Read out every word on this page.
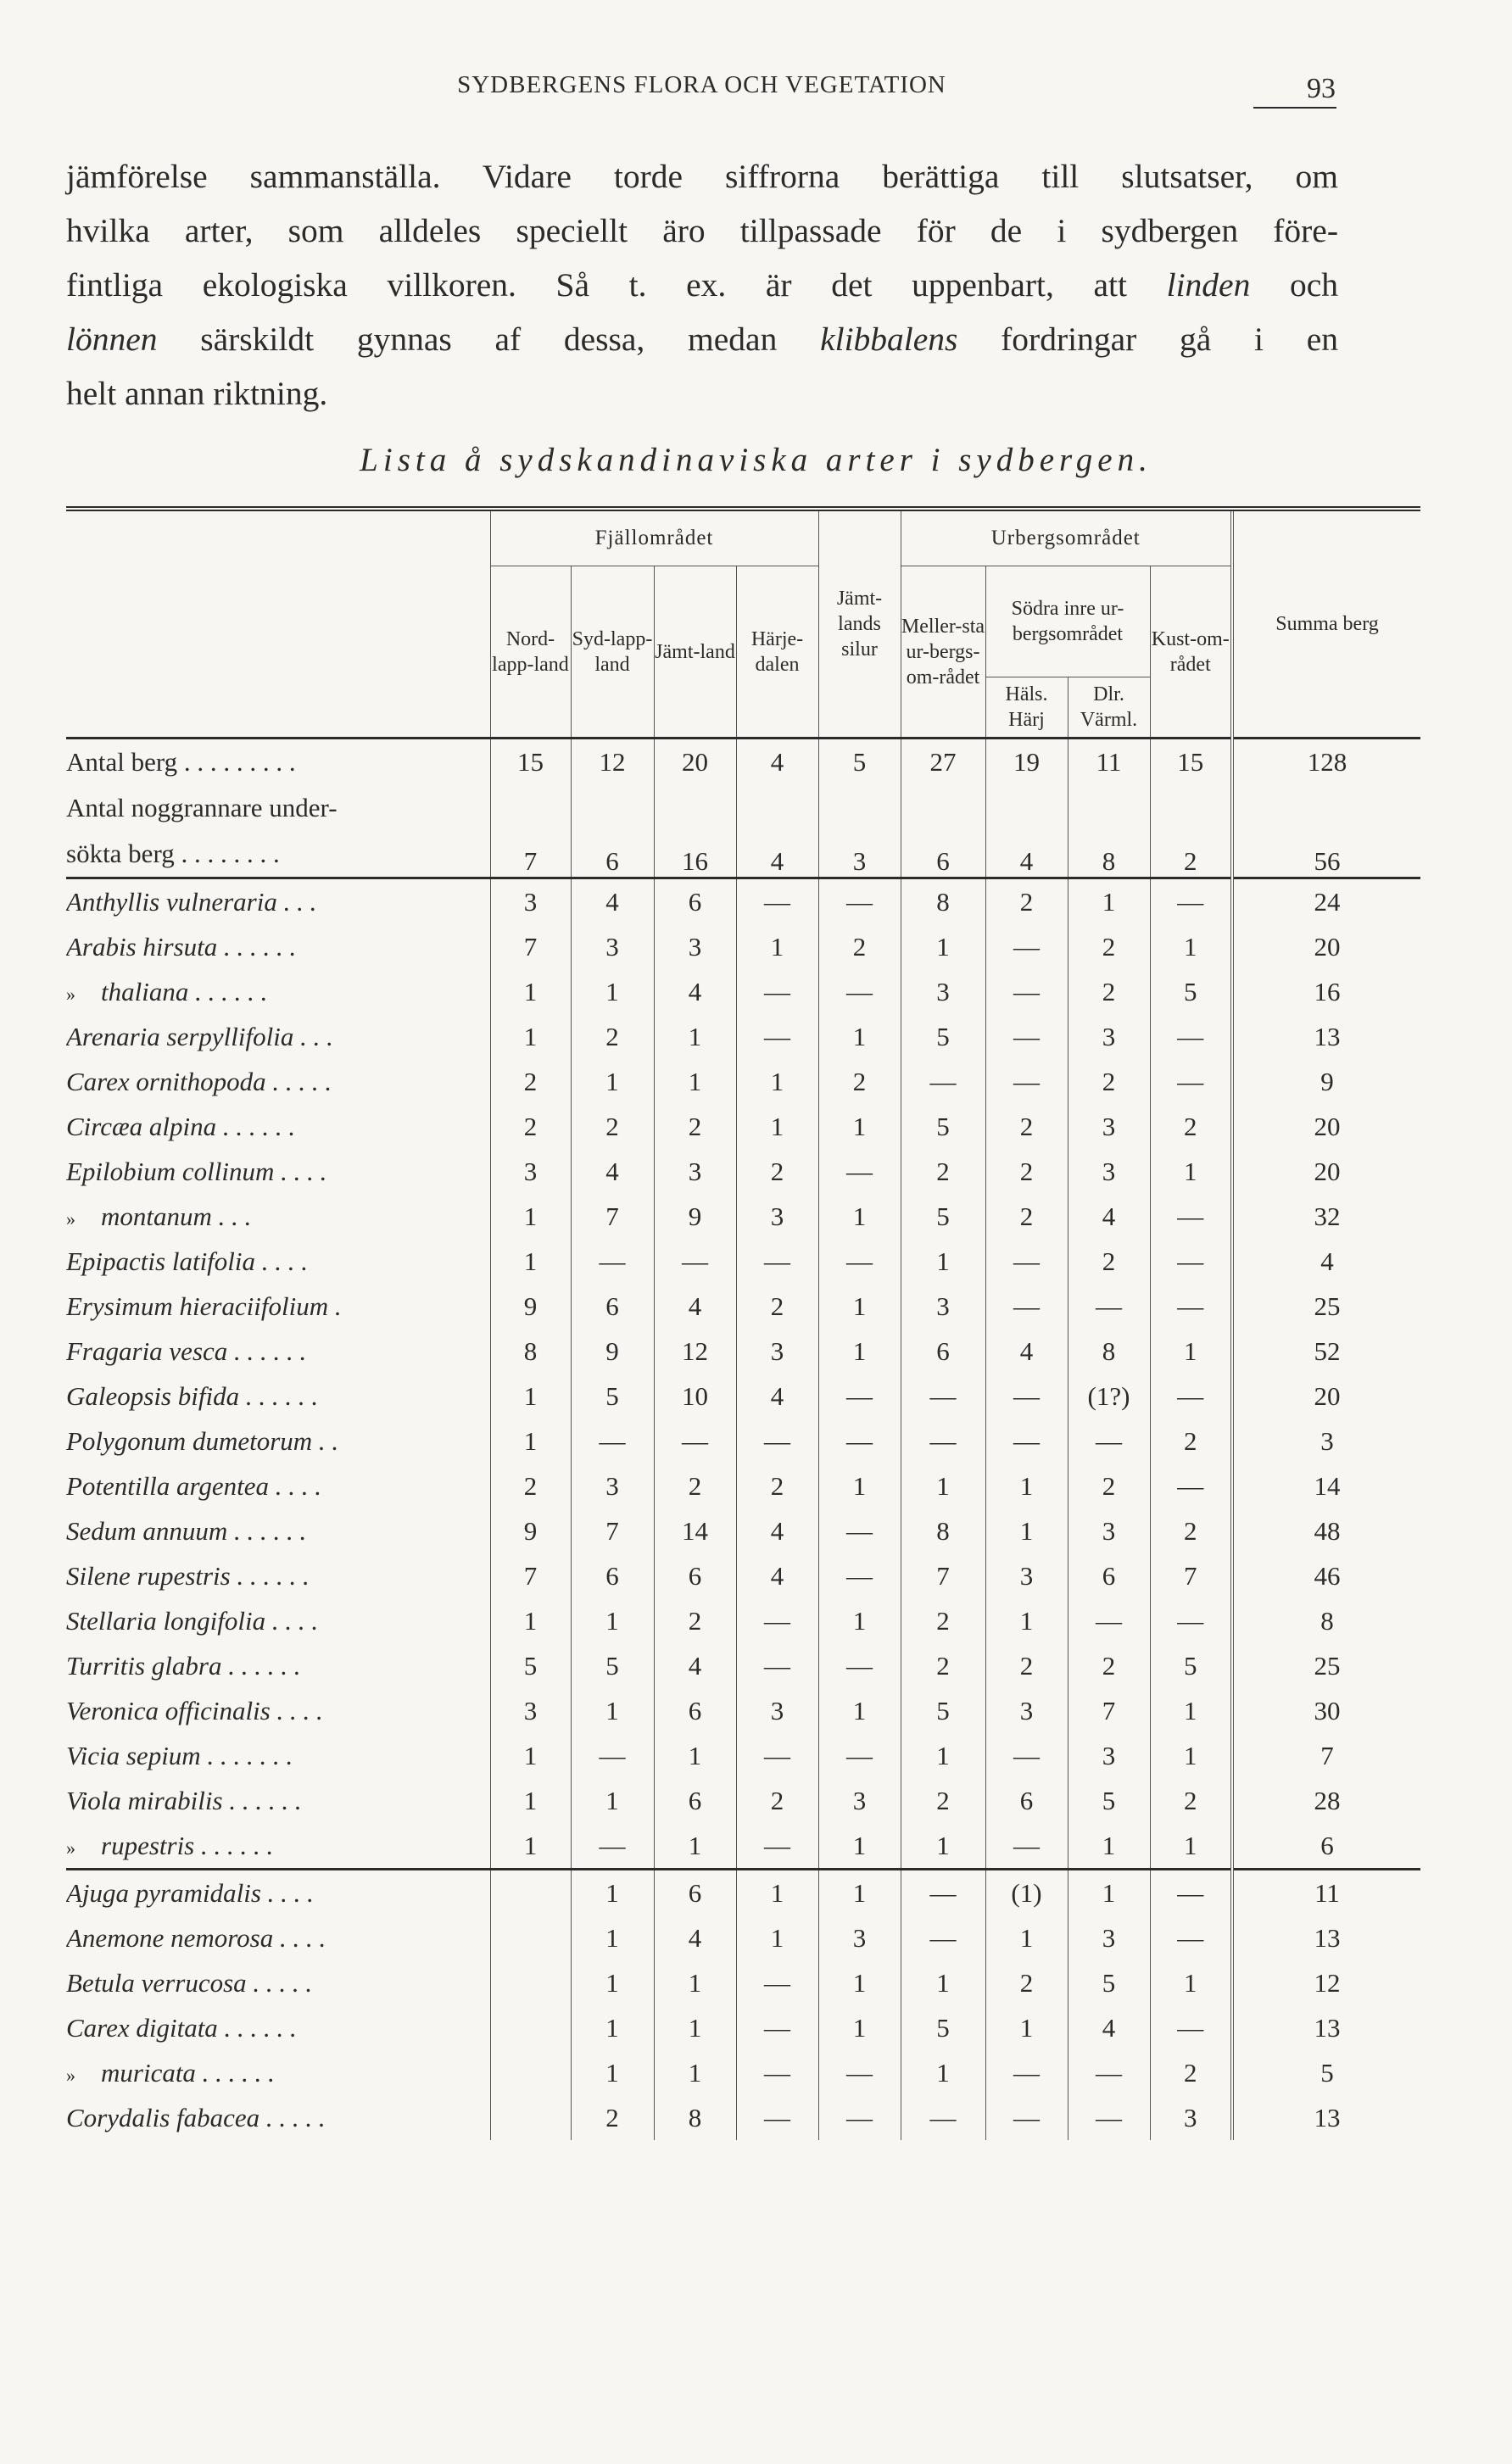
SYDBERGENS FLORA OCH VEGETATION	93

jämförelse sammanställa. Vidare torde siffrorna berättiga till slutsatser, om

hvilka arter, som alldeles speciellt äro tillpassade för de i sydbergen före-

fintliga ekologiska villkoren. Så t. ex. är det uppenbart, att linden och

lönnen särskildt gynnas af dessa, medan klibbalens fordringar gå i en

helt annan riktning.

Lista å sydskandinaviska arter i sydbergen.
	Fjällområdet				Jämt-lands silur	Urbergsområdet				Summa berg
	Nord-lapp-land	Syd-lapp-land	Jämt-land	Härje-dalen		Meller-sta ur-bergs-om-rådet	Södra inre ur-bergsområdet		Kust-om-rådet	
							Häls. Härj	Dlr. Värml.		
Antal berg . . . . . . . . .	15	12	20	4	5	27	19	11	15	128
Antal noggrannare under-
sökta berg . . . . . . . .	7	6	16	4	3	6	4	8	2	56
Anthyllis vulneraria . . .	3	4	6	—	—	8	2	1	—	24
Arabis hirsuta . . . . . .	7	3	3	1	2	1	—	2	1	20
» thaliana . . . . . .	1	1	4	—	—	3	—	2	5	16
Arenaria serpyllifolia . . .	1	2	1	—	1	5	—	3	—	13
Carex ornithopoda . . . . .	2	1	1	1	2	—	—	2	—	9
Circæa alpina . . . . . .	2	2	2	1	1	5	2	3	2	20
Epilobium collinum . . . .	3	4	3	2	—	2	2	3	1	20
» montanum . . .	1	7	9	3	1	5	2	4	—	32
Epipactis latifolia . . . .	1	—	—	—	—	1	—	2	—	4
Erysimum hieraciifolium .	9	6	4	2	1	3	—	—	—	25
Fragaria vesca . . . . . .	8	9	12	3	1	6	4	8	1	52
Galeopsis bifida . . . . . .	1	5	10	4	—	—	—	(1?)	—	20
Polygonum dumetorum . .	1	—	—	—	—	—	—	—	2	3
Potentilla argentea . . . .	2	3	2	2	1	1	1	2	—	14
Sedum annuum . . . . . .	9	7	14	4	—	8	1	3	2	48
Silene rupestris . . . . . .	7	6	6	4	—	7	3	6	7	46
Stellaria longifolia . . . .	1	1	2	—	1	2	1	—	—	8
Turritis glabra . . . . . .	5	5	4	—	—	2	2	2	5	25
Veronica officinalis . . . .	3	1	6	3	1	5	3	7	1	30
Vicia sepium . . . . . . .	1	—	1	—	—	1	—	3	1	7
Viola mirabilis . . . . . .	1	1	6	2	3	2	6	5	2	28
» rupestris . . . . . .	1	—	1	—	1	1	—	1	1	6
Ajuga pyramidalis . . . .		1	6	1	1	—	(1)	1	—	11
Anemone nemorosa . . . .		1	4	1	3	—	1	3	—	13
Betula verrucosa . . . . .		1	1	—	1	1	2	5	1	12
Carex digitata . . . . . .		1	1	—	1	5	1	4	—	13
» muricata . . . . . .		1	1	—	—	1	—	—	2	5
Corydalis fabacea . . . . .		2	8	—	—	—	—	—	3	13
